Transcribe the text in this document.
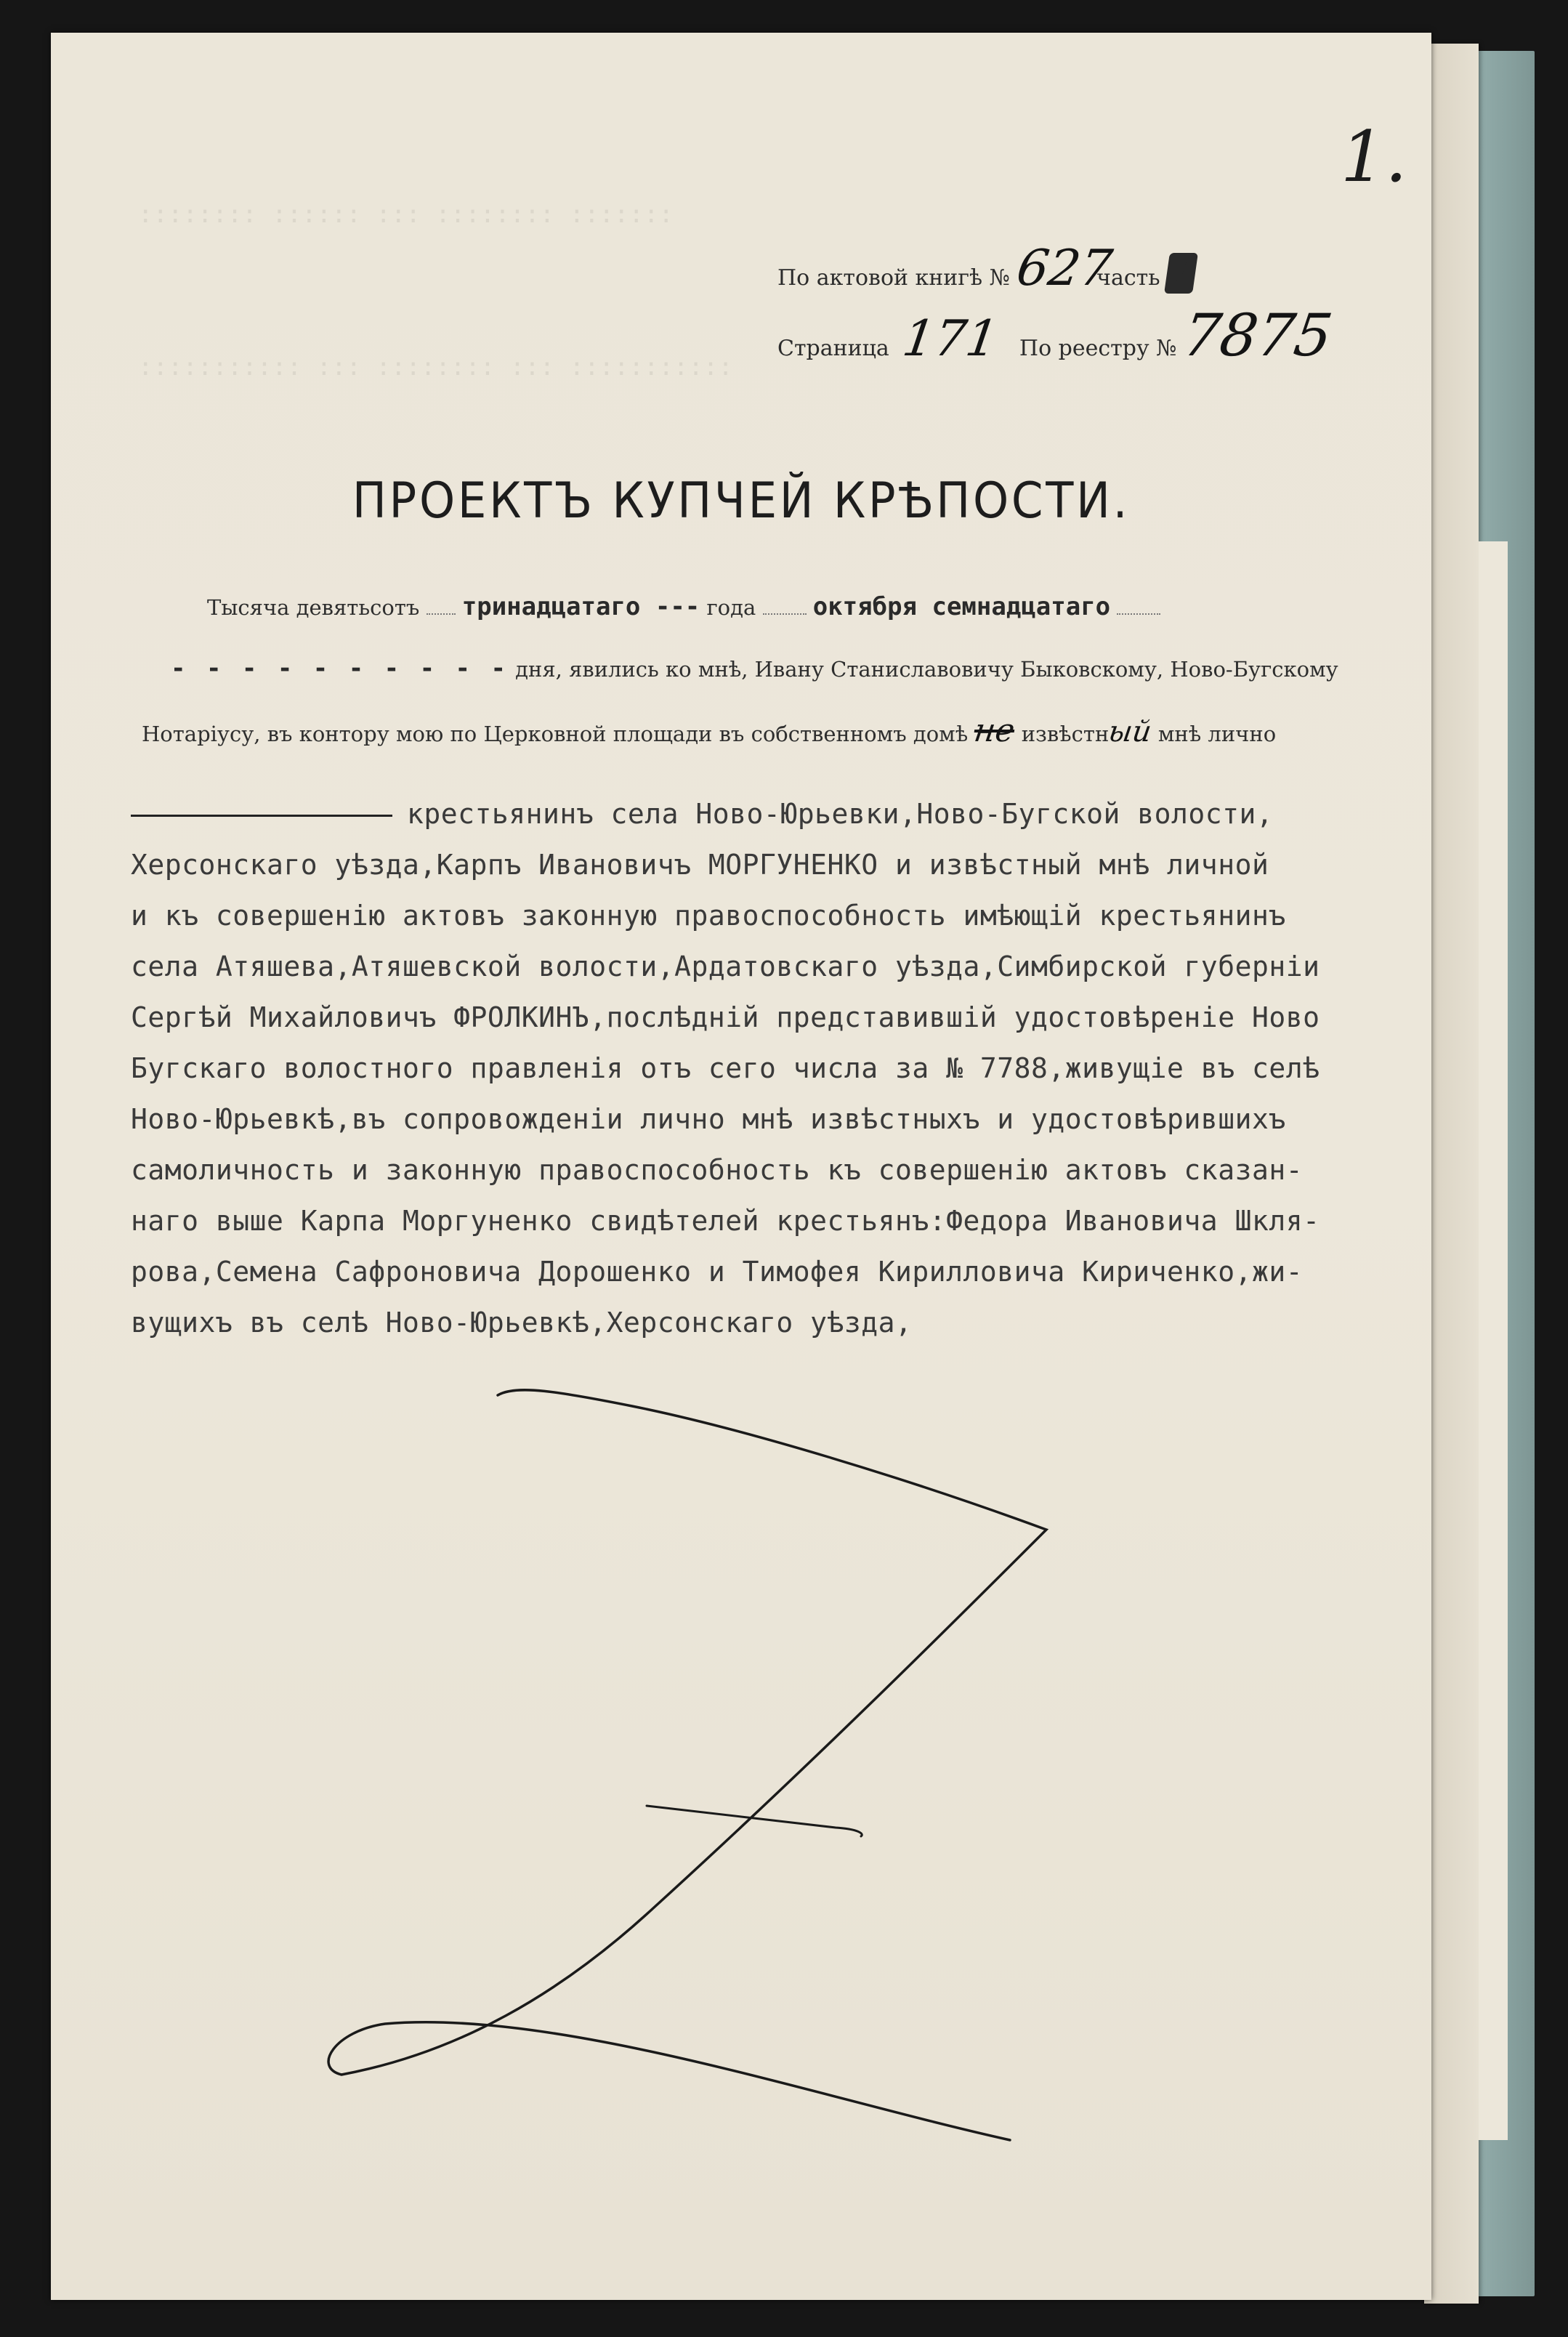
:::::::: :::::: ::: :::::::: :::::::
::::::::::: ::: :::::::: ::: :::::::::::
1.
По актовой книгѣ № 627 часть I
Страница 171 По реестру № 7875
ПРОЕКТЪ КУПЧЕЙ КРѢПОСТИ.
Тысяча девятьсотъ тринадцатаго --- года октября семнадцатаго
- - - - - - - - - - дня, явились ко мнѣ, Ивану Станиславовичу Быковскому, Ново-Бугскому
Нотаріусу, въ контору мою по Церковной площади въ собственномъ домѣ не извѣстный мнѣ лично
крестьянинъ села Ново-Юрьевки,Ново-Бугской волости,
Херсонскаго уѣзда,Карпъ Ивановичъ МОРГУНЕНКО и извѣстный мнѣ личной
и къ совершенію актовъ законную правоспособность имѣющій крестьянинъ
села Атяшева,Атяшевской волости,Ардатовскаго уѣзда,Симбирской губерніи
Сергѣй Михайловичъ ФРОЛКИНЪ,послѣдній представившій удостовѣреніе Ново
Бугскаго волостного правленія отъ сего числа за № 7788,живущіе въ селѣ
Ново-Юрьевкѣ,въ сопровожденіи лично мнѣ извѣстныхъ и удостовѣрившихъ
самоличность и законную правоспособность къ совершенію актовъ сказан-
наго выше Карпа Моргуненко свидѣтелей крестьянъ:Федора Ивановича Шкля-
рова,Семена Сафроновича Дорошенко и Тимофея Кирилловича Кириченко,жи-
вущихъ въ селѣ Ново-Юрьевкѣ,Херсонскаго уѣзда,
